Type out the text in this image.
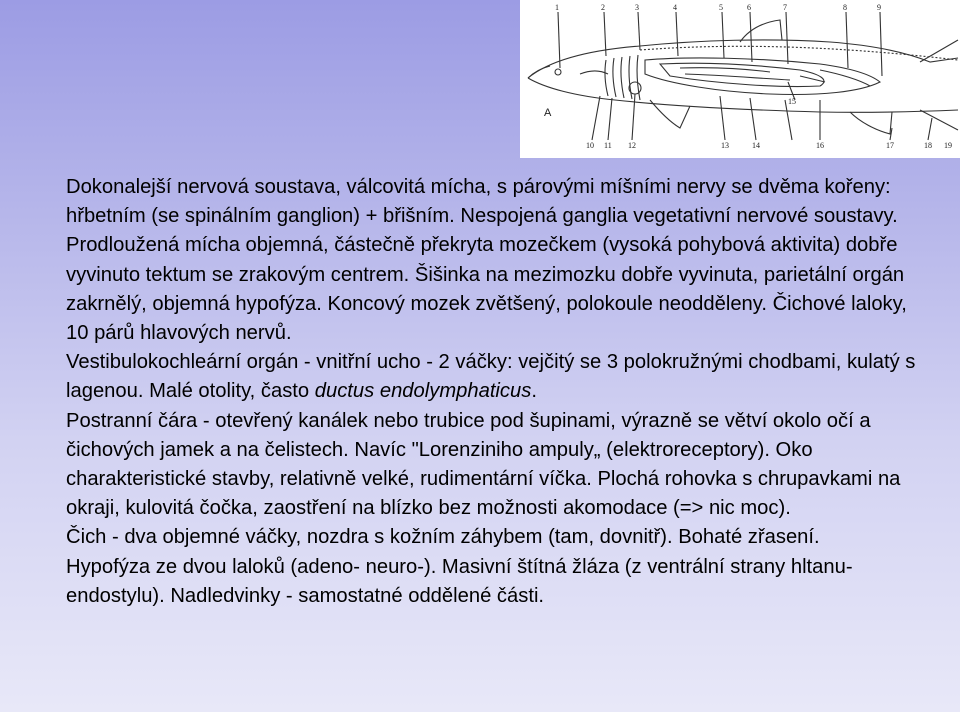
1	2	3	4	5	6	7	8	9
10 11 12	13	14
15
16	17	18 19
A

Dokonalejší nervová soustava, válcovitá mícha, s párovými míšními nervy se dvěma kořeny: hřbetním (se spinálním ganglion) + břišním. Nespojená ganglia vegetativní nervové soustavy. Prodloužená mícha objemná, částečně překryta mozečkem (vysoká pohybová aktivita) dobře vyvinuto tektum se zrakovým centrem. Šišinka na mezimozku dobře vyvinuta, parietální orgán zakrnělý, objemná hypofýza. Koncový mozek zvětšený, polokoule neodděleny. Čichové laloky, 10 párů hlavových nervů.

Vestibulokochleární orgán - vnitřní ucho - 2 váčky: vejčitý se 3 polokružnými chodbami, kulatý s lagenou. Malé otolity, často ductus endolymphaticus.

Postranní čára - otevřený kanálek nebo trubice pod šupinami, výrazně se větví okolo očí a čichových jamek a na čelistech. Navíc "Lorenziniho ampuly„ (elektroreceptory). Oko charakteristické stavby, relativně velké, rudimentární víčka. Plochá rohovka s chrupavkami na okraji, kulovitá čočka, zaostření na blízko bez možnosti akomodace (=> nic moc).

Čich - dva objemné váčky, nozdra s kožním záhybem (tam, dovnitř). Bohaté zřasení.

Hypofýza ze dvou laloků (adeno- neuro-). Masivní štítná žláza (z ventrální strany hltanu-endostylu). Nadledvinky - samostatné oddělené části.
